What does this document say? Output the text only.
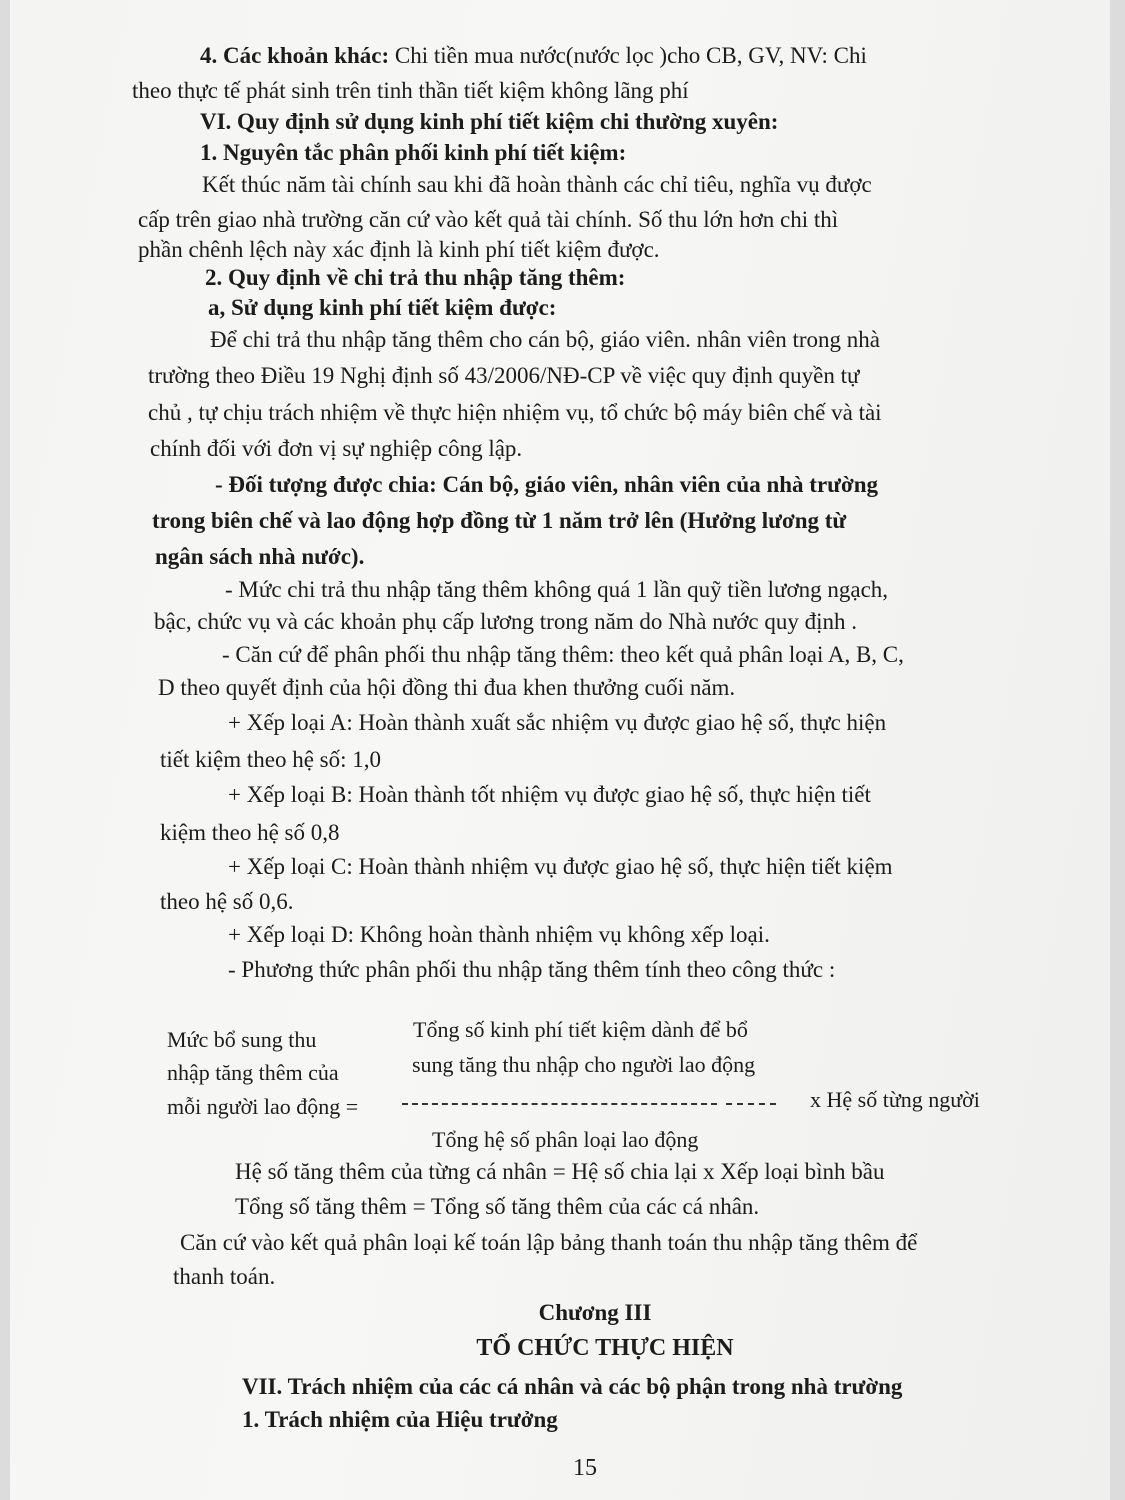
4. Các khoản khác: Chi tiền mua nước(nước lọc )cho CB, GV, NV: Chi
theo thực tế phát sinh trên tinh thần tiết kiệm không lãng phí
VI. Quy định sử dụng kinh phí tiết kiệm chi thường xuyên:
1. Nguyên tắc phân phối kinh phí tiết kiệm:
Kết thúc năm tài chính sau khi đã hoàn thành các chỉ tiêu, nghĩa vụ được
cấp trên giao nhà trường căn cứ vào kết quả tài chính. Số thu lớn hơn chi thì
phần chênh lệch này xác định là kinh phí tiết kiệm được.
2. Quy định về chi trả thu nhập tăng thêm:
a, Sử dụng kinh phí tiết kiệm được:
Để chi trả thu nhập tăng thêm cho cán bộ, giáo viên. nhân viên trong nhà
trường theo Điều 19 Nghị định số 43/2006/NĐ-CP về việc quy định quyền tự
chủ , tự chịu trách nhiệm về thực hiện nhiệm vụ, tổ chức bộ máy biên chế và tài
chính đối với đơn vị sự nghiệp công lập.
- Đối tượng được chia: Cán bộ, giáo viên, nhân viên của nhà trường
trong biên chế và lao động hợp đồng từ 1 năm trở lên (Hưởng lương từ
ngân sách nhà nước).
- Mức chi trả thu nhập tăng thêm không quá 1 lần quỹ tiền lương ngạch,
bậc, chức vụ và các khoản phụ cấp lương trong năm do Nhà nước quy định .
- Căn cứ để phân phối thu nhập tăng thêm: theo kết quả phân loại A, B, C,
D theo quyết định của hội đồng thi đua khen thưởng cuối năm.
+ Xếp loại A: Hoàn thành xuất sắc nhiệm vụ được giao hệ số, thực hiện
tiết kiệm theo hệ số: 1,0
+ Xếp loại B: Hoàn thành tốt nhiệm vụ được giao hệ số, thực hiện tiết
kiệm theo hệ số 0,8
+ Xếp loại C: Hoàn thành nhiệm vụ được giao hệ số, thực hiện tiết kiệm
theo hệ số 0,6.
+ Xếp loại D: Không hoàn thành nhiệm vụ không xếp loại.
- Phương thức phân phối thu nhập tăng thêm tính theo công thức :
Mức bổ sung thu
nhập tăng thêm của
mỗi người lao động =
Tổng số kinh phí tiết kiệm dành để bổ
sung tăng thu nhập cho người lao động
x Hệ số từng người
Tổng hệ số phân loại lao động
Hệ số tăng thêm của từng cá nhân = Hệ số chia lại x Xếp loại bình bầu
Tổng số tăng thêm = Tổng số tăng thêm của các cá nhân.
Căn cứ vào kết quả phân loại kế toán lập bảng thanh toán thu nhập tăng thêm để
thanh toán.
Chương III
TỔ CHỨC THỰC HIỆN
VII. Trách nhiệm của các cá nhân và các bộ phận trong nhà trường
1. Trách nhiệm của Hiệu trưởng
15
